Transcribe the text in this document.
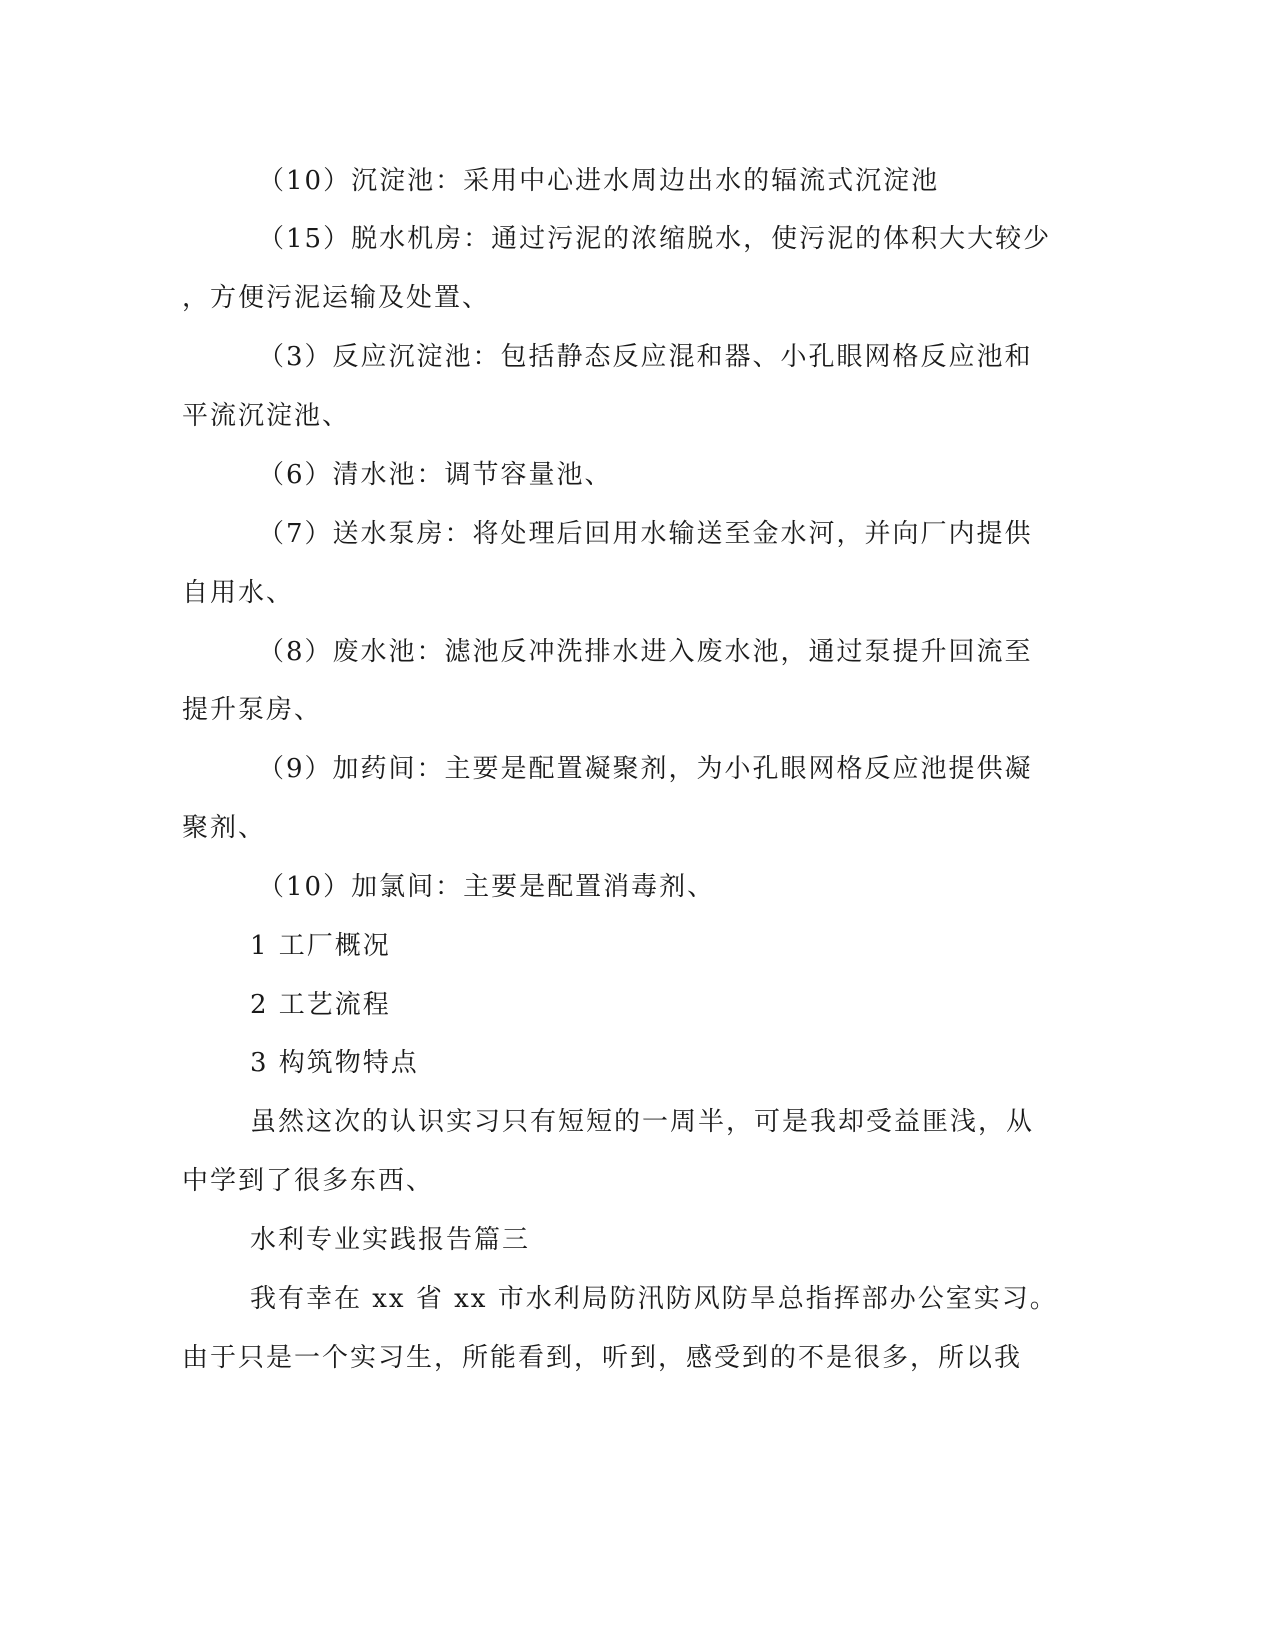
（10）沉淀池：采用中心进水周边出水的辐流式沉淀池
（15）脱水机房：通过污泥的浓缩脱水，使污泥的体积大大较少
，方便污泥运输及处置、
（3）反应沉淀池：包括静态反应混和器、小孔眼网格反应池和
平流沉淀池、
（6）清水池：调节容量池、
（7）送水泵房：将处理后回用水输送至金水河，并向厂内提供
自用水、
（8）废水池：滤池反冲洗排水进入废水池，通过泵提升回流至
提升泵房、
（9）加药间：主要是配置凝聚剂，为小孔眼网格反应池提供凝
聚剂、
（10）加氯间：主要是配置消毒剂、
1 工厂概况
2 工艺流程
3 构筑物特点
虽然这次的认识实习只有短短的一周半，可是我却受益匪浅，从
中学到了很多东西、
水利专业实践报告篇三
我有幸在 xx 省 xx 市水利局防汛防风防旱总指挥部办公室实习。
由于只是一个实习生，所能看到，听到，感受到的不是很多，所以我
